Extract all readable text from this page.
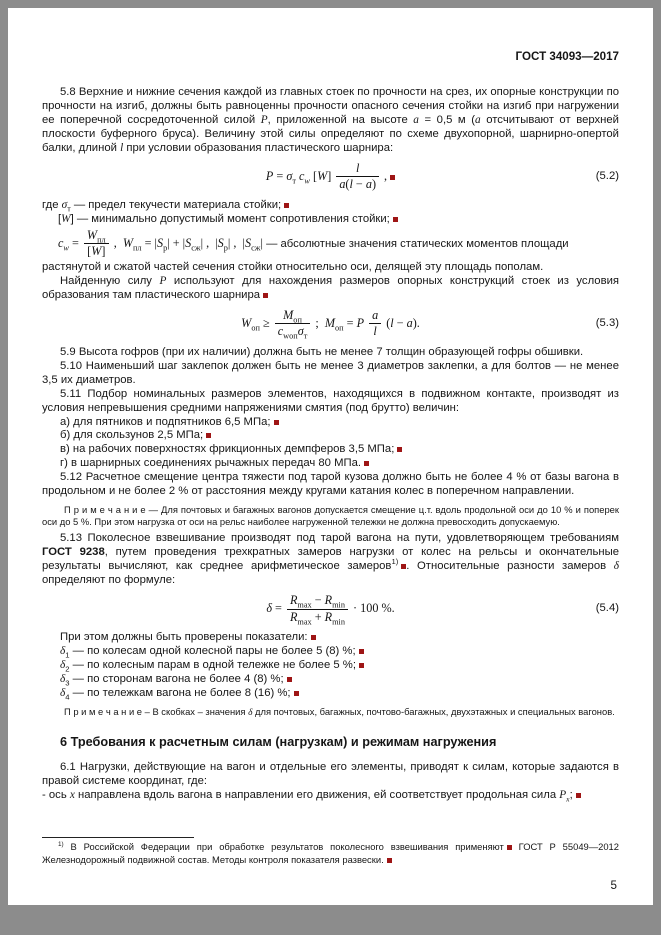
ГОСТ 34093—2017

5.8 Верхние и нижние сечения каждой из главных стоек по прочности на срез, их опорные конструкции по прочности на изгиб, должны быть равноценны прочности опасного сечения стойки на изгиб при нагружении ее поперечной сосредоточенной силой P, приложенной на высоте a = 0,5 м (a отсчитывают от верхней плоскости буферного бруса). Величину этой силы определяют по схеме двухопорной, шарнирно-опертой балки, длиной l при условии образования пластического шарнира:

$P = \sigma_т$ $c_w$ $[W] \frac{l}{a(l - a)}$ ,	(5.2)

где $\sigma_т$ — предел текучести материала стойки;

[W] — минимально допустимый момент сопротивления стойки;

$c_w = \frac{W_{пл}}{[W]}$ ,  $W_{пл} = |S_р| + |S_{сж}|$ ,  $|S_р|$ ,  $|S_{сж}|$ — абсолютные значения статических моментов площади

растянутой и сжатой частей сечения стойки относительно оси, делящей эту площадь пополам.

Найденную силу P используют для нахождения размеров опорных конструкций стоек из условия образования там пластического шарнира

$W_{оп} \ge \frac{M_{оп}}{c_{wоп}\sigma_т}$ ;  $M_{оп} = P \frac{a}{l} (l - a)$.	(5.3)

5.9 Высота гофров (при их наличии) должна быть не менее 7 толщин образующей гофры обшивки.

5.10 Наименьший шаг заклепок должен быть не менее 3 диаметров заклепки, а для болтов — не менее 3,5 их диаметров.

5.11 Подбор номинальных размеров элементов, находящихся в подвижном контакте, производят из условия непревышения средними напряжениями смятия (под брутто) величин:

а) для пятников и подпятников 6,5 МПа;

б) для скользунов 2,5 МПа;

в) на рабочих поверхностях фрикционных демпферов 3,5 МПа;

г) в шарнирных соединениях рычажных передач 80 МПа.

5.12 Расчетное смещение центра тяжести под тарой кузова должно быть не более 4 % от базы вагона в продольном и не более 2 % от расстояния между кругами катания колес в поперечном направлении.

П р и м е ч а н и е — Для почтовых и багажных вагонов допускается смещение ц.т. вдоль продольной оси до 10 % и поперек оси до 5 %. При этом нагрузка от оси на рельс наиболее нагруженной тележки не должна превосходить допускаемую.

5.13 Поколесное взвешивание производят под тарой вагона на пути, удовлетворяющем требованиям ГОСТ 9238, путем проведения трехкратных замеров нагрузки от колес на рельсы и окончательные результаты вычисляют, как среднее арифметическое замеров$^{1)}$ . Относительные разности замеров δ определяют по формуле:

$\delta = \frac{R_{max} - R_{min}}{R_{max} + R_{min}} \cdot 100$ %.	(5.4)

При этом должны быть проверены показатели:

$\delta_1$ — по колесам одной колесной пары не более 5 (8) %;

$\delta_2$ — по колесным парам в одной тележке не более 5 %;

$\delta_3$ — по сторонам вагона не более 4 (8) %;

$\delta_4$ — по тележкам вагона не более 8 (16) %;

П р и м е ч а н и е – В скобках – значения δ для почтовых, багажных, почтово-багажных, двухэтажных и специальных вагонов.

6 Требования к расчетным силам (нагрузкам) и режимам нагружения

6.1 Нагрузки, действующие на вагон и отдельные его элементы, приводят к силам, которые задаются в правой системе координат, где:

- ось x направлена вдоль вагона в направлении его движения, ей соответствует продольная сила $P_x$;

$^{1)}$ В Российской Федерации при обработке результатов поколесного взвешивания применяют ГОСТ Р 55049—2012 Железнодорожный подвижной состав. Методы контроля показателя развески.

5
